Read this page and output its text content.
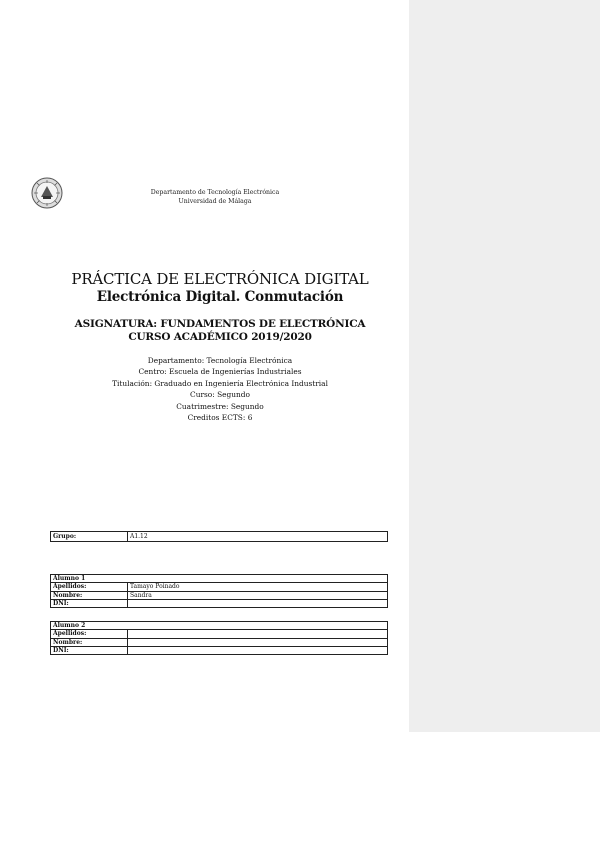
Departamento de Tecnología Electrónica
Universidad de Málaga
PRÁCTICA DE ELECTRÓNICA DIGITAL
Electrónica Digital. Conmutación
ASIGNATURA: FUNDAMENTOS DE ELECTRÓNICA
CURSO ACADÉMICO 2019/2020
Departamento: Tecnología Electrónica
Centro: Escuela de Ingenierías Industriales
Titulación: Graduado en Ingeniería Electrónica Industrial
Curso: Segundo
Cuatrimestre: Segundo
Creditos ECTS: 6
Grupo:	A1.12
Alumno 1	
Apellidos:	Tamayo Poinado
Nombre:	Sandra
DNI:	
Alumno 2	
Apellidos:	
Nombre:	
DNI:	
